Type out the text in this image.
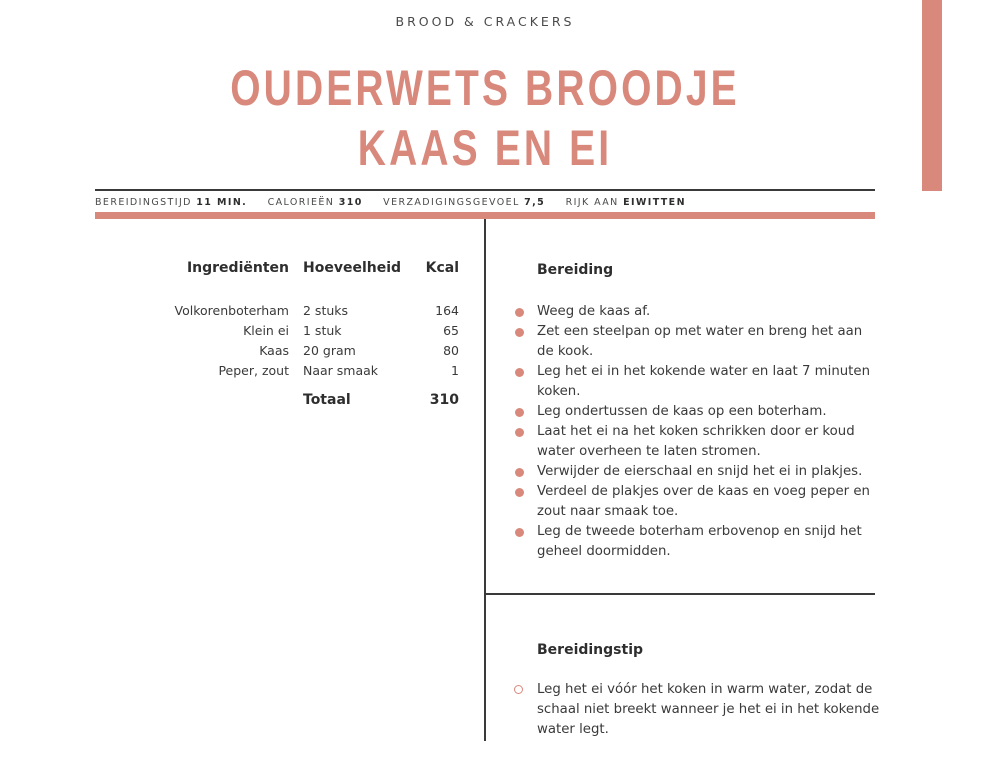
BROOD & CRACKERS
OUDERWETS BROODJE
KAAS EN EI
BEREIDINGSTIJD 11 MIN. CALORIEËN 310 VERZADIGINGSGEVOEL 7,5 RIJK AAN EIWITTEN
Ingrediënten	Hoeveelheid	Kcal
Volkorenboterham	2 stuks	164
Klein ei	1 stuk	65
Kaas	20 gram	80
Peper, zout	Naar smaak	1
	Totaal	310
Bereiding
Weeg de kaas af.
Zet een steelpan op met water en breng het aan de kook.
Leg het ei in het kokende water en laat 7 minuten koken.
Leg ondertussen de kaas op een boterham.
Laat het ei na het koken schrikken door er koud water overheen te laten stromen.
Verwijder de eierschaal en snijd het ei in plakjes.
Verdeel de plakjes over de kaas en voeg peper en zout naar smaak toe.
Leg de tweede boterham erbovenop en snijd het geheel doormidden.
Bereidingstip
Leg het ei vóór het koken in warm water, zodat de schaal niet breekt wanneer je het ei in het kokende water legt.
